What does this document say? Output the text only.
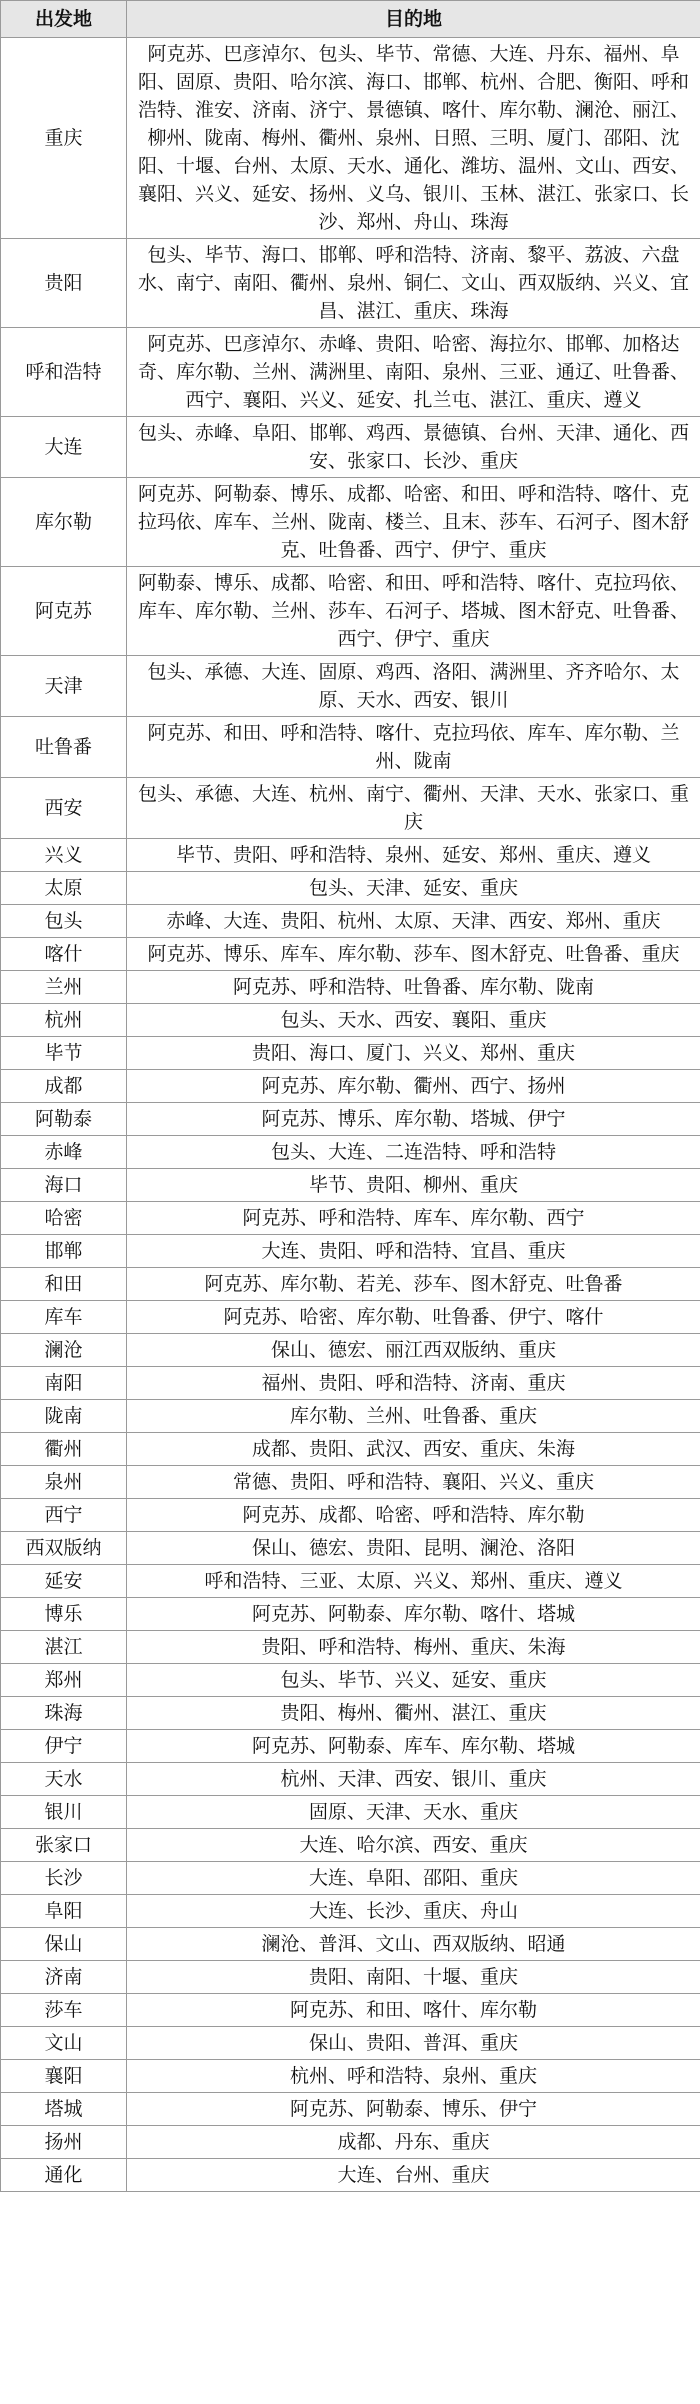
出发地	目的地
重庆	阿克苏、巴彦淖尔、包头、毕节、常德、大连、丹东、福州、阜阳、固原、贵阳、哈尔滨、海口、邯郸、杭州、合肥、衡阳、呼和浩特、淮安、济南、济宁、景德镇、喀什、库尔勒、澜沧、丽江、柳州、陇南、梅州、衢州、泉州、日照、三明、厦门、邵阳、沈阳、十堰、台州、太原、天水、通化、潍坊、温州、文山、西安、襄阳、兴义、延安、扬州、义乌、银川、玉林、湛江、张家口、长沙、郑州、舟山、珠海
贵阳	包头、毕节、海口、邯郸、呼和浩特、济南、黎平、荔波、六盘水、南宁、南阳、衢州、泉州、铜仁、文山、西双版纳、兴义、宜昌、湛江、重庆、珠海
呼和浩特	阿克苏、巴彦淖尔、赤峰、贵阳、哈密、海拉尔、邯郸、加格达奇、库尔勒、兰州、满洲里、南阳、泉州、三亚、通辽、吐鲁番、西宁、襄阳、兴义、延安、扎兰屯、湛江、重庆、遵义
大连	包头、赤峰、阜阳、邯郸、鸡西、景德镇、台州、天津、通化、西安、张家口、长沙、重庆
库尔勒	阿克苏、阿勒泰、博乐、成都、哈密、和田、呼和浩特、喀什、克拉玛依、库车、兰州、陇南、楼兰、且末、莎车、石河子、图木舒克、吐鲁番、西宁、伊宁、重庆
阿克苏	阿勒泰、博乐、成都、哈密、和田、呼和浩特、喀什、克拉玛依、库车、库尔勒、兰州、莎车、石河子、塔城、图木舒克、吐鲁番、西宁、伊宁、重庆
天津	包头、承德、大连、固原、鸡西、洛阳、满洲里、齐齐哈尔、太原、天水、西安、银川
吐鲁番	阿克苏、和田、呼和浩特、喀什、克拉玛依、库车、库尔勒、兰州、陇南
西安	包头、承德、大连、杭州、南宁、衢州、天津、天水、张家口、重庆
兴义	毕节、贵阳、呼和浩特、泉州、延安、郑州、重庆、遵义
太原	包头、天津、延安、重庆
包头	赤峰、大连、贵阳、杭州、太原、天津、西安、郑州、重庆
喀什	阿克苏、博乐、库车、库尔勒、莎车、图木舒克、吐鲁番、重庆
兰州	阿克苏、呼和浩特、吐鲁番、库尔勒、陇南
杭州	包头、天水、西安、襄阳、重庆
毕节	贵阳、海口、厦门、兴义、郑州、重庆
成都	阿克苏、库尔勒、衢州、西宁、扬州
阿勒泰	阿克苏、博乐、库尔勒、塔城、伊宁
赤峰	包头、大连、二连浩特、呼和浩特
海口	毕节、贵阳、柳州、重庆
哈密	阿克苏、呼和浩特、库车、库尔勒、西宁
邯郸	大连、贵阳、呼和浩特、宜昌、重庆
和田	阿克苏、库尔勒、若羌、莎车、图木舒克、吐鲁番
库车	阿克苏、哈密、库尔勒、吐鲁番、伊宁、喀什
澜沧	保山、德宏、丽江西双版纳、重庆
南阳	福州、贵阳、呼和浩特、济南、重庆
陇南	库尔勒、兰州、吐鲁番、重庆
衢州	成都、贵阳、武汉、西安、重庆、朱海
泉州	常德、贵阳、呼和浩特、襄阳、兴义、重庆
西宁	阿克苏、成都、哈密、呼和浩特、库尔勒
西双版纳	保山、德宏、贵阳、昆明、澜沧、洛阳
延安	呼和浩特、三亚、太原、兴义、郑州、重庆、遵义
博乐	阿克苏、阿勒泰、库尔勒、喀什、塔城
湛江	贵阳、呼和浩特、梅州、重庆、朱海
郑州	包头、毕节、兴义、延安、重庆
珠海	贵阳、梅州、衢州、湛江、重庆
伊宁	阿克苏、阿勒泰、库车、库尔勒、塔城
天水	杭州、天津、西安、银川、重庆
银川	固原、天津、天水、重庆
张家口	大连、哈尔滨、西安、重庆
长沙	大连、阜阳、邵阳、重庆
阜阳	大连、长沙、重庆、舟山
保山	澜沧、普洱、文山、西双版纳、昭通
济南	贵阳、南阳、十堰、重庆
莎车	阿克苏、和田、喀什、库尔勒
文山	保山、贵阳、普洱、重庆
襄阳	杭州、呼和浩特、泉州、重庆
塔城	阿克苏、阿勒泰、博乐、伊宁
扬州	成都、丹东、重庆
通化	大连、台州、重庆
